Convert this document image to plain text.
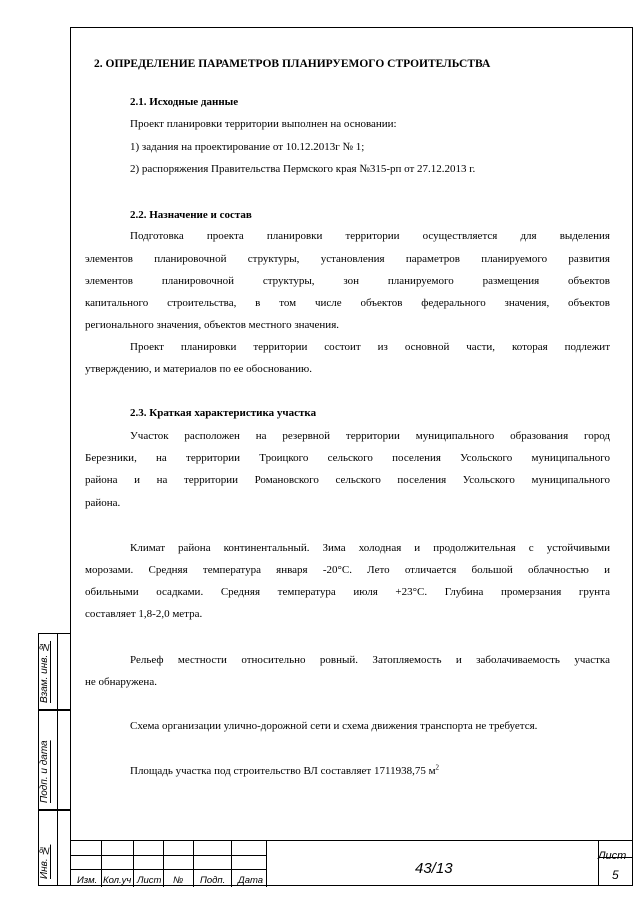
Взам. инв. №
Подп. и дата
Инв. №
2. ОПРЕДЕЛЕНИЕ ПАРАМЕТРОВ ПЛАНИРУЕМОГО СТРОИТЕЛЬСТВА
2.1. Исходные данные
Проект планировки территории выполнен на основании:
1) задания на проектирование от 10.12.2013г № 1;
2) распоряжения Правительства Пермского края №315-рп от 27.12.2013 г.
2.2. Назначение и состав
Подготовка проекта планировки территории осуществляется для выделения
элементов планировочной структуры, установления параметров планируемого развития
элементов планировочной структуры, зон планируемого размещения объектов
капитального строительства, в том числе объектов федерального значения, объектов
регионального значения, объектов местного значения.
Проект планировки территории состоит из основной части, которая подлежит
утверждению, и материалов по ее обоснованию.
2.3. Краткая характеристика участка
Участок расположен на резервной территории муниципального образования город
Березники, на территории Троицкого сельского поселения Усольского муниципального
района и на территории Романовского сельского поселения Усольского муниципального
района.
Климат района континентальный. Зима холодная и продолжительная с устойчивыми
морозами. Средняя температура января -20°С. Лето отличается большой облачностью и
обильными осадками. Средняя температура июля +23°С. Глубина промерзания грунта
составляет 1,8-2,0 метра.
Рельеф местности относительно ровный. Затопляемость и заболачиваемость участка
не обнаружена.
Схема организации улично-дорожной сети и схема движения транспорта не требуется.
Площадь участка под строительство ВЛ составляет 1711938,75 $м^2$
Изм. Кол.уч Лист № Подп. Дата
43/13
Лист
5
